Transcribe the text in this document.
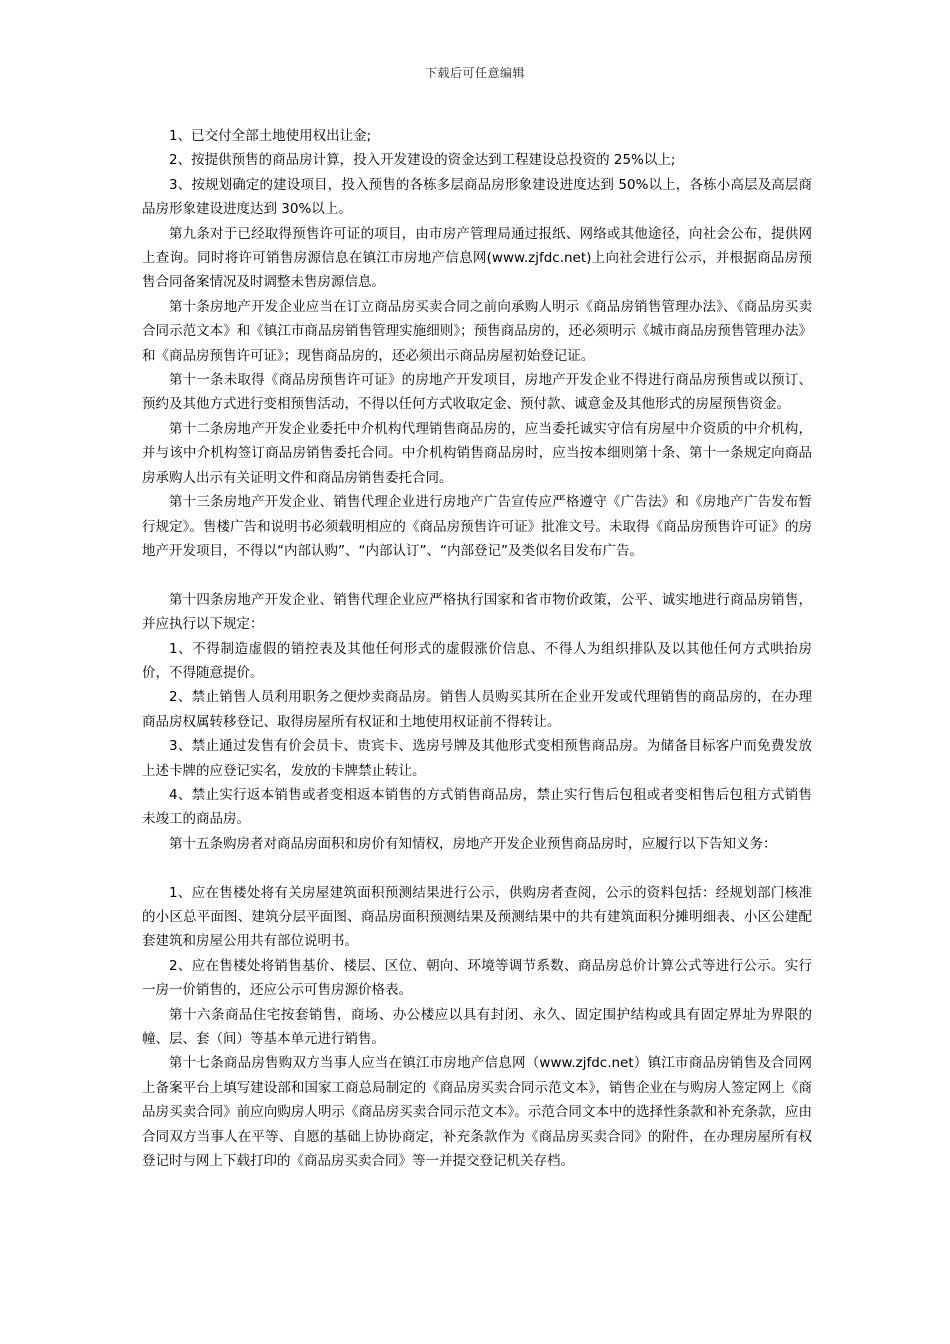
下载后可任意编辑

1、已交付全部土地使用权出让金;

2、按提供预售的商品房计算，投入开发建设的资金达到工程建设总投资的 25%以上;

3、按规划确定的建设项目，投入预售的各栋多层商品房形象建设进度达到 50%以上，各栋小高层及高层商品房形象建设进度达到 30%以上。

第九条对于已经取得预售许可证的项目，由市房产管理局通过报纸、网络或其他途径，向社会公布，提供网上查询。同时将许可销售房源信息在镇江市房地产信息网(www.zjfdc.net)上向社会进行公示，并根据商品房预售合同备案情况及时调整未售房源信息。

第十条房地产开发企业应当在订立商品房买卖合同之前向承购人明示《商品房销售管理办法》、《商品房买卖合同示范文本》和《镇江市商品房销售管理实施细则》；预售商品房的，还必须明示《城市商品房预售管理办法》和《商品房预售许可证》；现售商品房的，还必须出示商品房屋初始登记证。

第十一条未取得《商品房预售许可证》的房地产开发项目，房地产开发企业不得进行商品房预售或以预订、预约及其他方式进行变相预售活动，不得以任何方式收取定金、预付款、诚意金及其他形式的房屋预售资金。

第十二条房地产开发企业委托中介机构代理销售商品房的，应当委托诚实守信有房屋中介资质的中介机构，并与该中介机构签订商品房销售委托合同。中介机构销售商品房时，应当按本细则第十条、第十一条规定向商品房承购人出示有关证明文件和商品房销售委托合同。

第十三条房地产开发企业、销售代理企业进行房地产广告宣传应严格遵守《广告法》和《房地产广告发布暂行规定》。售楼广告和说明书必须载明相应的《商品房预售许可证》批准文号。未取得《商品房预售许可证》的房地产开发项目，不得以“内部认购”、“内部认订”、“内部登记”及类似名目发布广告。

第十四条房地产开发企业、销售代理企业应严格执行国家和省市物价政策，公平、诚实地进行商品房销售，并应执行以下规定：

1、不得制造虚假的销控表及其他任何形式的虚假涨价信息、不得人为组织排队及以其他任何方式哄抬房价，不得随意提价。

2、禁止销售人员利用职务之便炒卖商品房。销售人员购买其所在企业开发或代理销售的商品房的，在办理商品房权属转移登记、取得房屋所有权证和土地使用权证前不得转让。

3、禁止通过发售有价会员卡、贵宾卡、选房号牌及其他形式变相预售商品房。为储备目标客户而免费发放上述卡牌的应登记实名，发放的卡牌禁止转让。

4、禁止实行返本销售或者变相返本销售的方式销售商品房，禁止实行售后包租或者变相售后包租方式销售未竣工的商品房。

第十五条购房者对商品房面积和房价有知情权，房地产开发企业预售商品房时，应履行以下告知义务：

1、应在售楼处将有关房屋建筑面积预测结果进行公示，供购房者查阅，公示的资料包括：经规划部门核准的小区总平面图、建筑分层平面图、商品房面积预测结果及预测结果中的共有建筑面积分摊明细表、小区公建配套建筑和房屋公用共有部位说明书。

2、应在售楼处将销售基价、楼层、区位、朝向、环境等调节系数、商品房总价计算公式等进行公示。实行一房一价销售的，还应公示可售房源价格表。

第十六条商品住宅按套销售，商场、办公楼应以具有封闭、永久、固定围护结构或具有固定界址为界限的幢、层、套（间）等基本单元进行销售。

第十七条商品房售购双方当事人应当在镇江市房地产信息网（www.zjfdc.net）镇江市商品房销售及合同网上备案平台上填写建设部和国家工商总局制定的《商品房买卖合同示范文本》，销售企业在与购房人签定网上《商品房买卖合同》前应向购房人明示《商品房买卖合同示范文本》。示范合同文本中的选择性条款和补充条款，应由合同双方当事人在平等、自愿的基础上协协商定，补充条款作为《商品房买卖合同》的附件，在办理房屋所有权登记时与网上下载打印的《商品房买卖合同》等一并提交登记机关存档。
